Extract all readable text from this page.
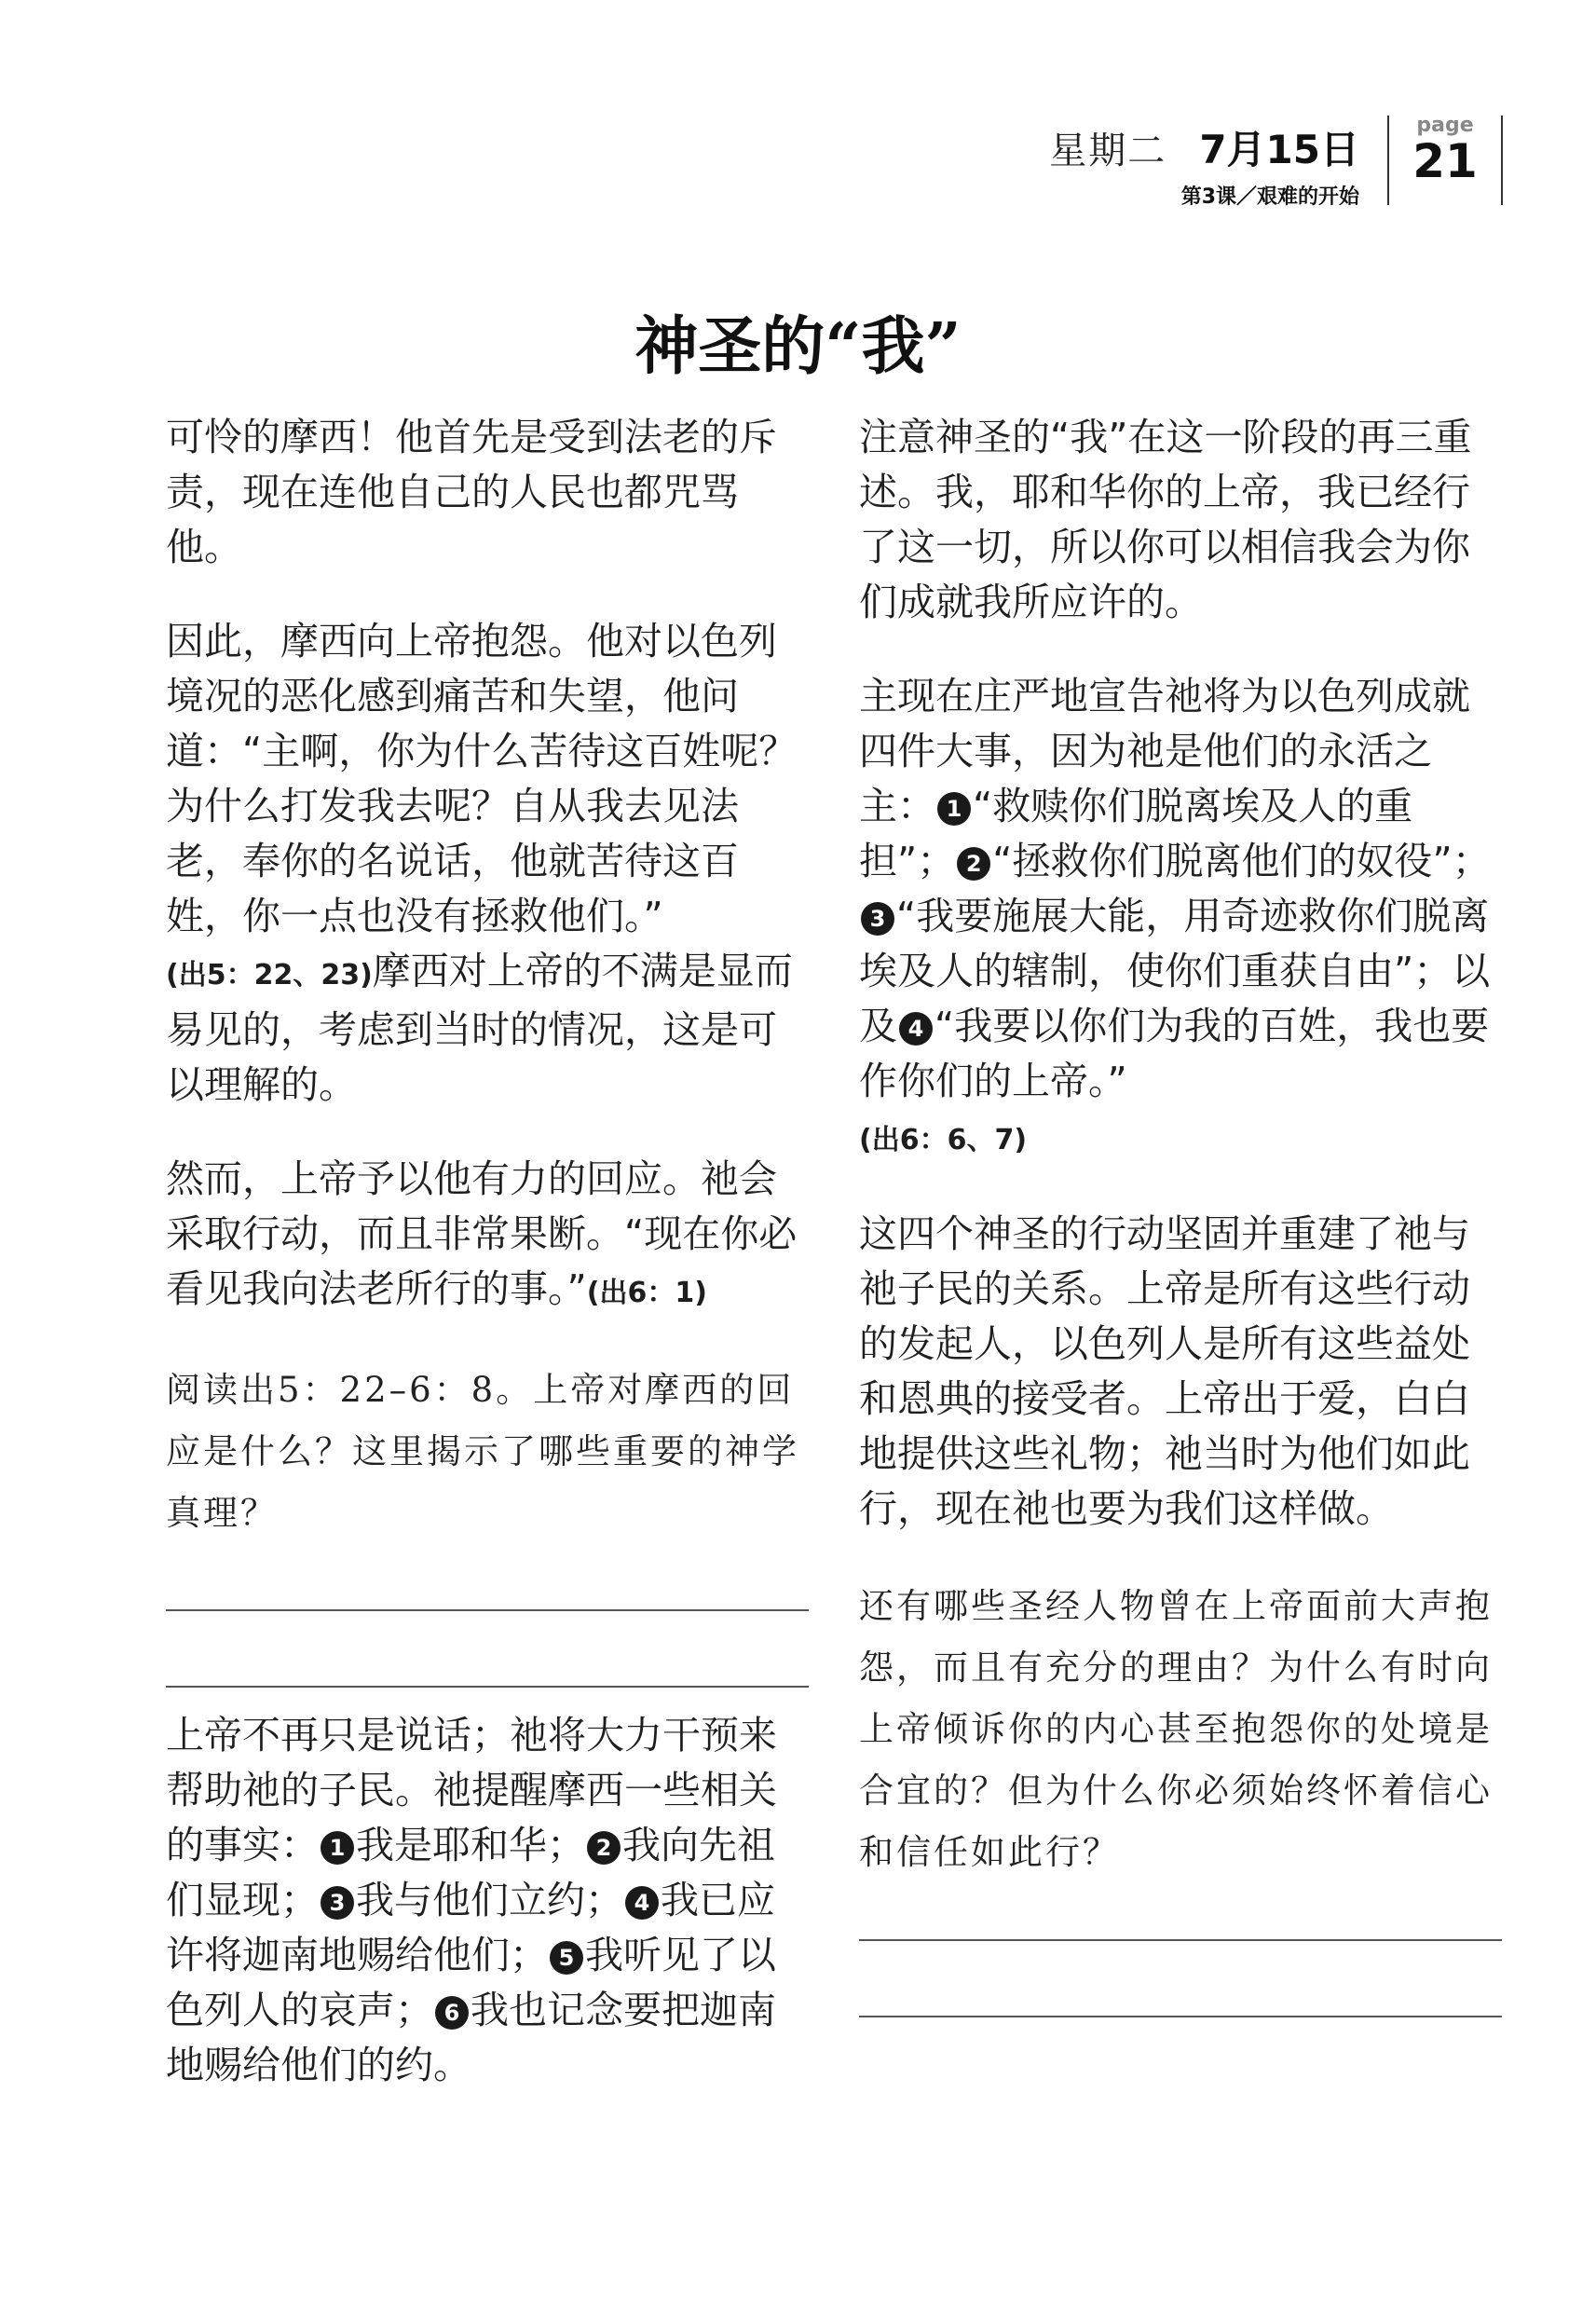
星期二 7月15日
第3课／艰难的开始
page
21
神圣的“我”

可怜的摩西！他首先是受到法老的斥责，现在连他自己的人民也都咒骂他。

因此，摩西向上帝抱怨。他对以色列境况的恶化感到痛苦和失望，他问道：“主啊，你为什么苦待这百姓呢？为什么打发我去呢？自从我去见法老，奉你的名说话，他就苦待这百姓，你一点也没有拯救他们。”
(出5：22、23)摩西对上帝的不满是显而易见的，考虑到当时的情况，这是可以理解的。

然而，上帝予以他有力的回应。祂会采取行动，而且非常果断。“现在你必看见我向法老所行的事。”(出6：1)

阅读出5：22–6：8。上帝对摩西的回应是什么？这里揭示了哪些重要的神学真理？

上帝不再只是说话；祂将大力干预来帮助祂的子民。祂提醒摩西一些相关的事实： 1 我是耶和华； 2 我向先祖们显现； 3 我与他们立约； 4 我已应许将迦南地赐给他们； 5 我听见了以色列人的哀声； 6 我也记念要把迦南地赐给他们的约。

注意神圣的“我”在这一阶段的再三重述。我，耶和华你的上帝，我已经行了这一切，所以你可以相信我会为你们成就我所应许的。

主现在庄严地宣告祂将为以色列成就四件大事，因为祂是他们的永活之主： 1 “救赎你们脱离埃及人的重担”； 2 “拯救你们脱离他们的奴役”；3 “我要施展大能，用奇迹救你们脱离埃及人的辖制，使你们重获自由”；以及 4 “我要以你们为我的百姓，我也要作你们的上帝。”
(出6：6、7)

这四个神圣的行动坚固并重建了祂与祂子民的关系。上帝是所有这些行动的发起人，以色列人是所有这些益处和恩典的接受者。上帝出于爱，白白地提供这些礼物；祂当时为他们如此行，现在祂也要为我们这样做。

还有哪些圣经人物曾在上帝面前大声抱怨，而且有充分的理由？为什么有时向上帝倾诉你的内心甚至抱怨你的处境是合宜的？但为什么你必须始终怀着信心和信任如此行？
